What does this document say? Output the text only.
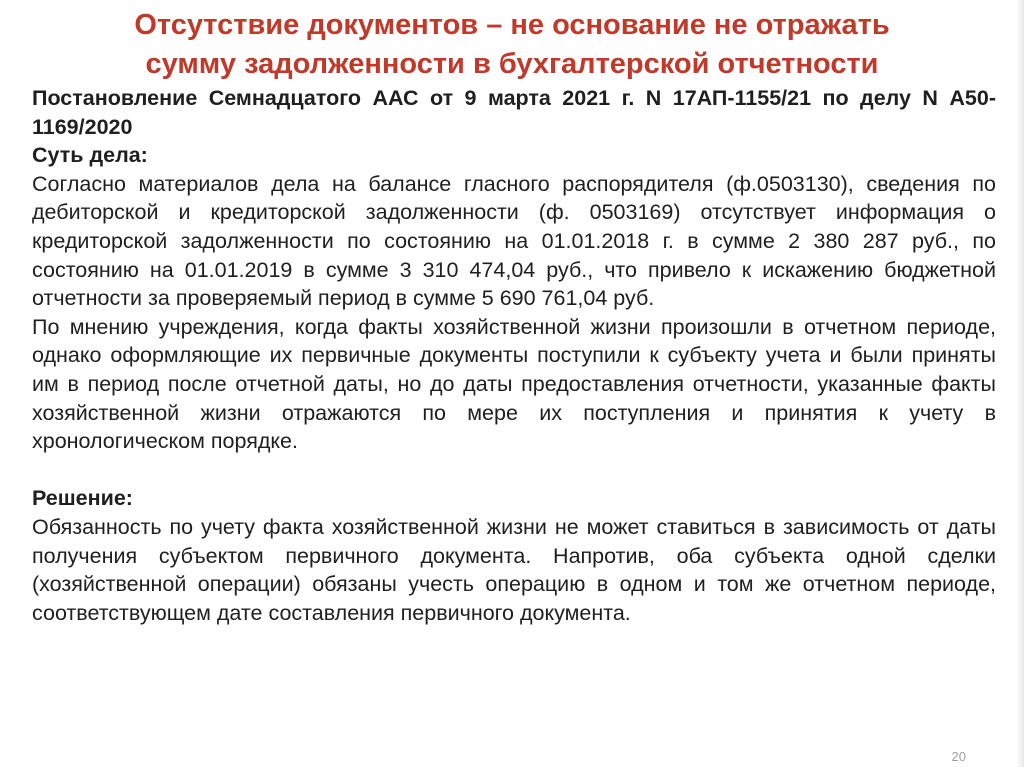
Отсутствие документов – не основание не отражать
сумму задолженности в бухгалтерской отчетности

Постановление Семнадцатого ААС от 9 марта 2021 г. N 17АП-1155/21 по делу N А50-1169/2020

Суть дела:

Согласно материалов дела на балансе гласного распорядителя (ф.0503130), сведения по дебиторской и кредиторской задолженности (ф. 0503169) отсутствует информация о кредиторской задолженности по состоянию на 01.01.2018 г. в сумме 2 380 287 руб., по состоянию на 01.01.2019 в сумме 3 310 474,04 руб., что привело к искажению бюджетной отчетности за проверяемый период в сумме 5 690 761,04 руб.

По мнению учреждения, когда факты хозяйственной жизни произошли в отчетном периоде, однако оформляющие их первичные документы поступили к субъекту учета и были приняты им в период после отчетной даты, но до даты предоставления отчетности, указанные факты хозяйственной жизни отражаются по мере их поступления и принятия к учету в хронологическом порядке.

Решение:

Обязанность по учету факта хозяйственной жизни не может ставиться в зависимость от даты получения субъектом первичного документа. Напротив, оба субъекта одной сделки (хозяйственной операции) обязаны учесть операцию в одном и том же отчетном периоде, соответствующем дате составления первичного документа.

20
